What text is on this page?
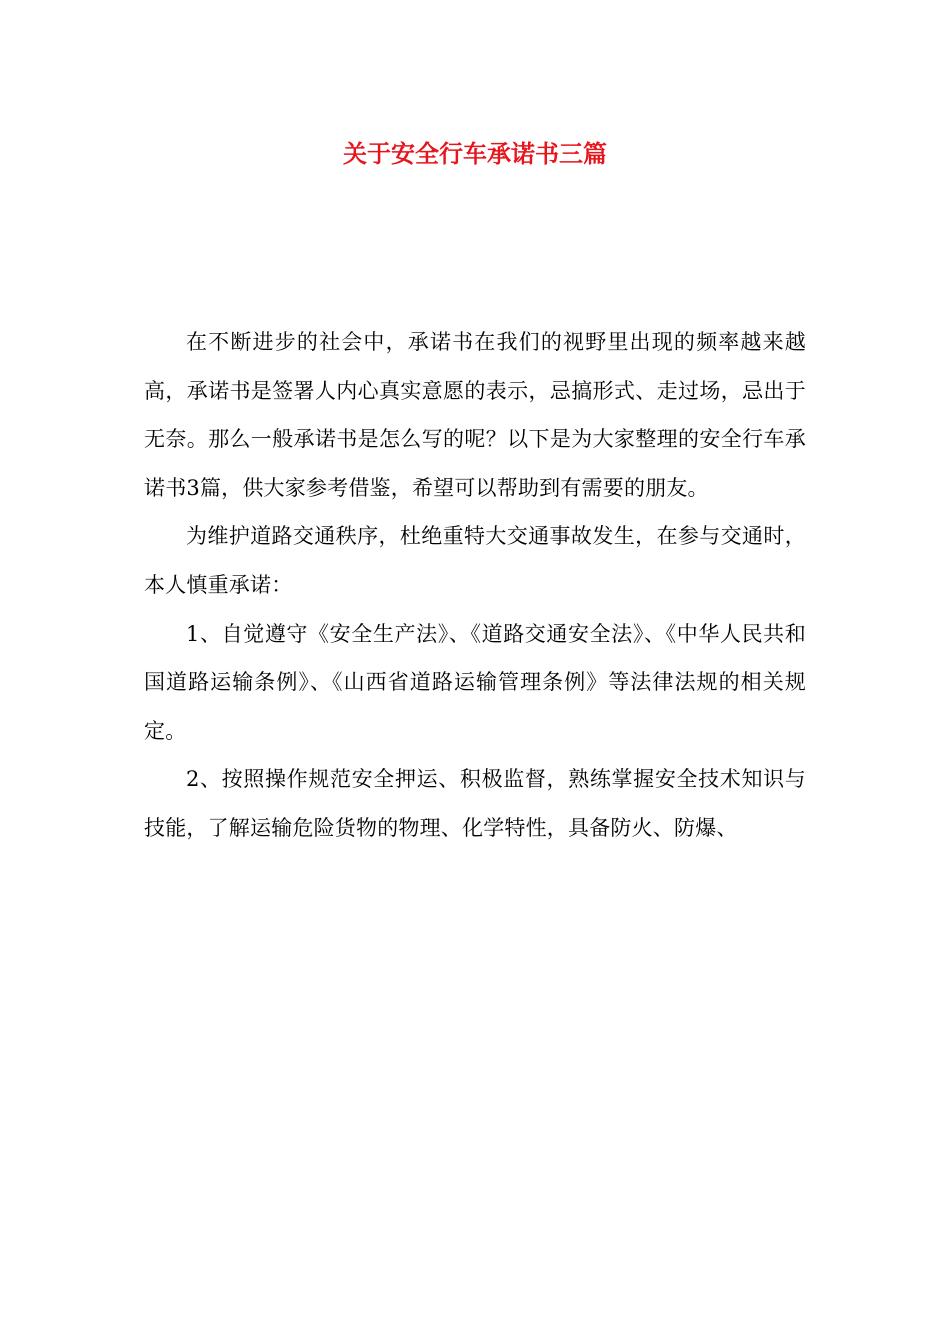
关于安全行车承诺书三篇

在不断进步的社会中，承诺书在我们的视野里出现的频率越来越高，承诺书是签署人内心真实意愿的表示，忌搞形式、走过场，忌出于无奈。那么一般承诺书是怎么写的呢？以下是为大家整理的安全行车承诺书3篇，供大家参考借鉴，希望可以帮助到有需要的朋友。

为维护道路交通秩序，杜绝重特大交通事故发生，在参与交通时，本人慎重承诺：

1、自觉遵守《安全生产法》、《道路交通安全法》、《中华人民共和国道路运输条例》、《山西省道路运输管理条例》等法律法规的相关规定。

2、按照操作规范安全押运、积极监督，熟练掌握安全技术知识与技能，了解运输危险货物的物理、化学特性，具备防火、防爆、
